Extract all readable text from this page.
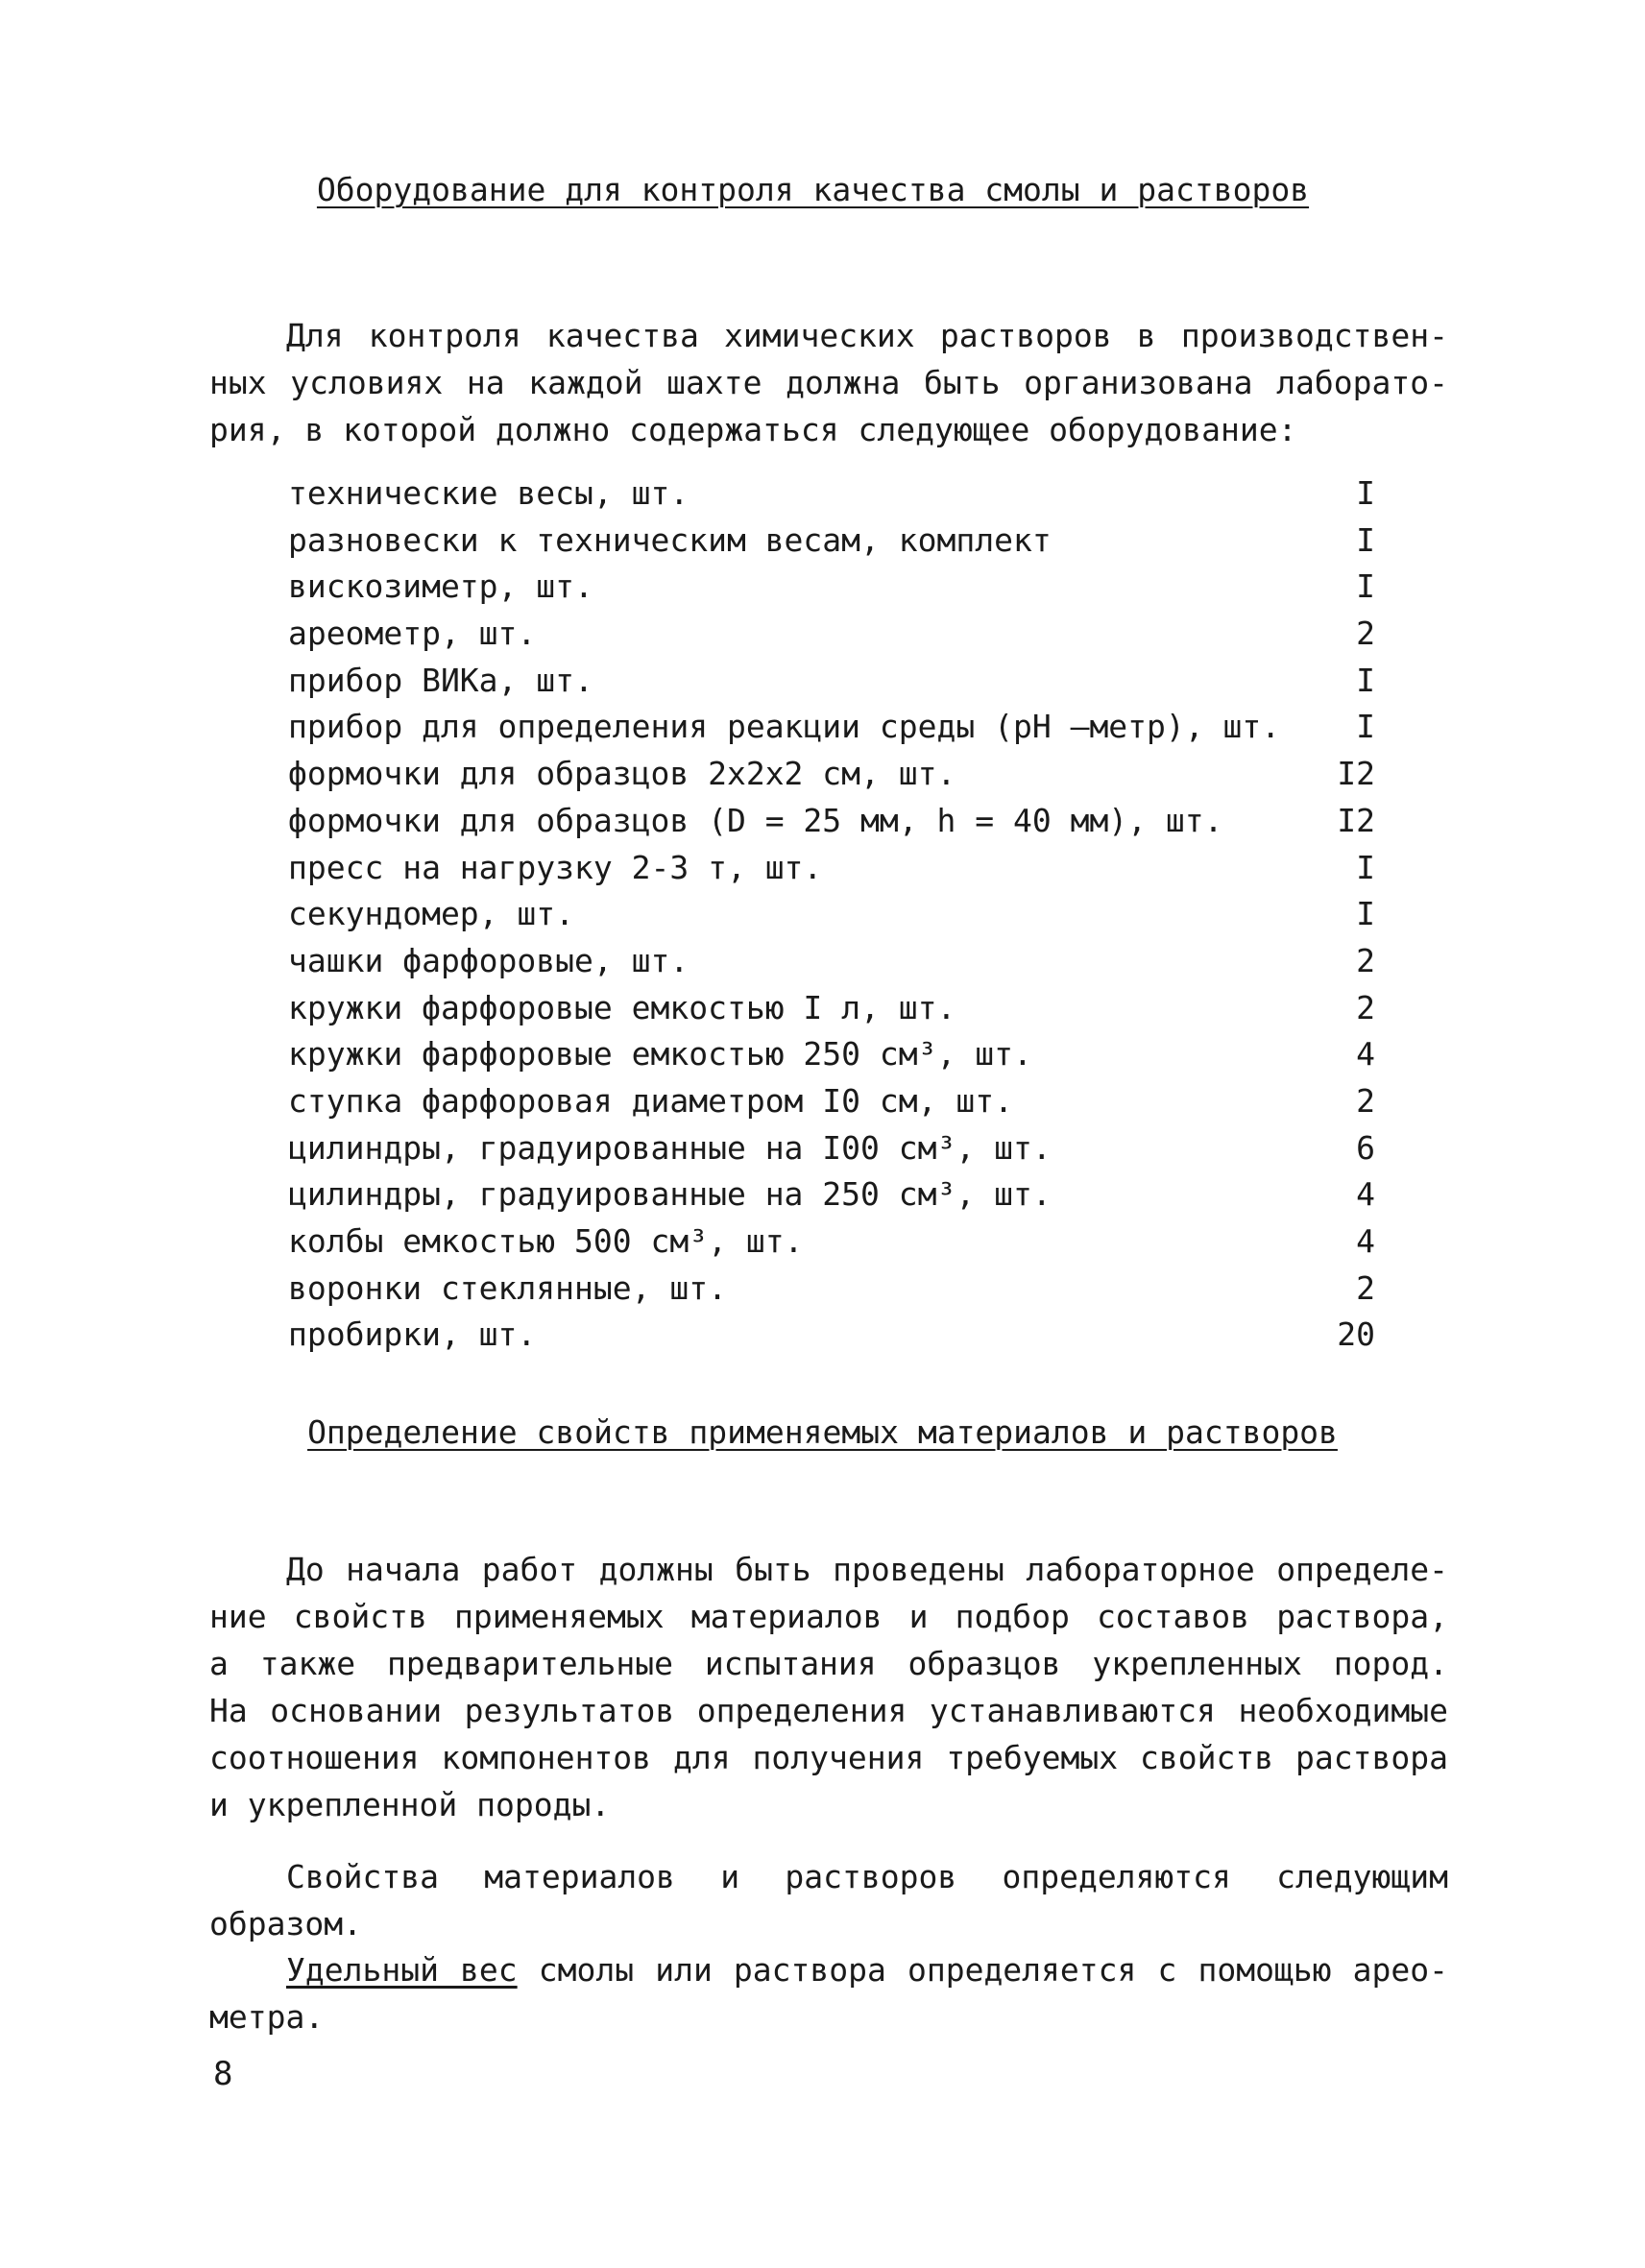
Оборудование для контроля качества смолы и растворов
Для контроля качества химических растворов в производствен-
ных условиях на каждой шахте должна быть организована лаборато-
рия, в которой должно содержаться следующее оборудование:
технические весы, шт.	I
разновески к техническим весам, комплект	I
вискозиметр, шт.	I
ареометр, шт.	2
прибор ВИКа, шт.	I
прибор для определения реакции среды (pH –метр), шт. I
формочки для образцов 2х2х2 см, шт.	I2
формочки для образцов (D = 25 мм, h = 40 мм), шт.	I2
пресс на нагрузку 2-3 т, шт.	I
секундомер, шт.	I
чашки фарфоровые, шт.	2
кружки фарфоровые емкостью I л, шт.	2
кружки фарфоровые емкостью 250 см³, шт.	4
ступка фарфоровая диаметром I0 см, шт.	2
цилиндры, градуированные на I00 см³, шт.	6
цилиндры, градуированные на 250 см³, шт.	4
колбы емкостью 500 см³, шт.	4
воронки стеклянные, шт.	2
пробирки, шт.	20
Определение свойств применяемых материалов и растворов
До начала работ должны быть проведены лабораторное определе-
ние свойств применяемых материалов и подбор составов раствора,
а также предварительные испытания образцов укрепленных пород.
На основании результатов определения устанавливаются необходимые
соотношения компонентов для получения требуемых свойств раствора
и укрепленной породы.
Свойства материалов и растворов определяются следующим
образом.
Удельный вес смолы или раствора определяется с помощью арео-
метра.
8
